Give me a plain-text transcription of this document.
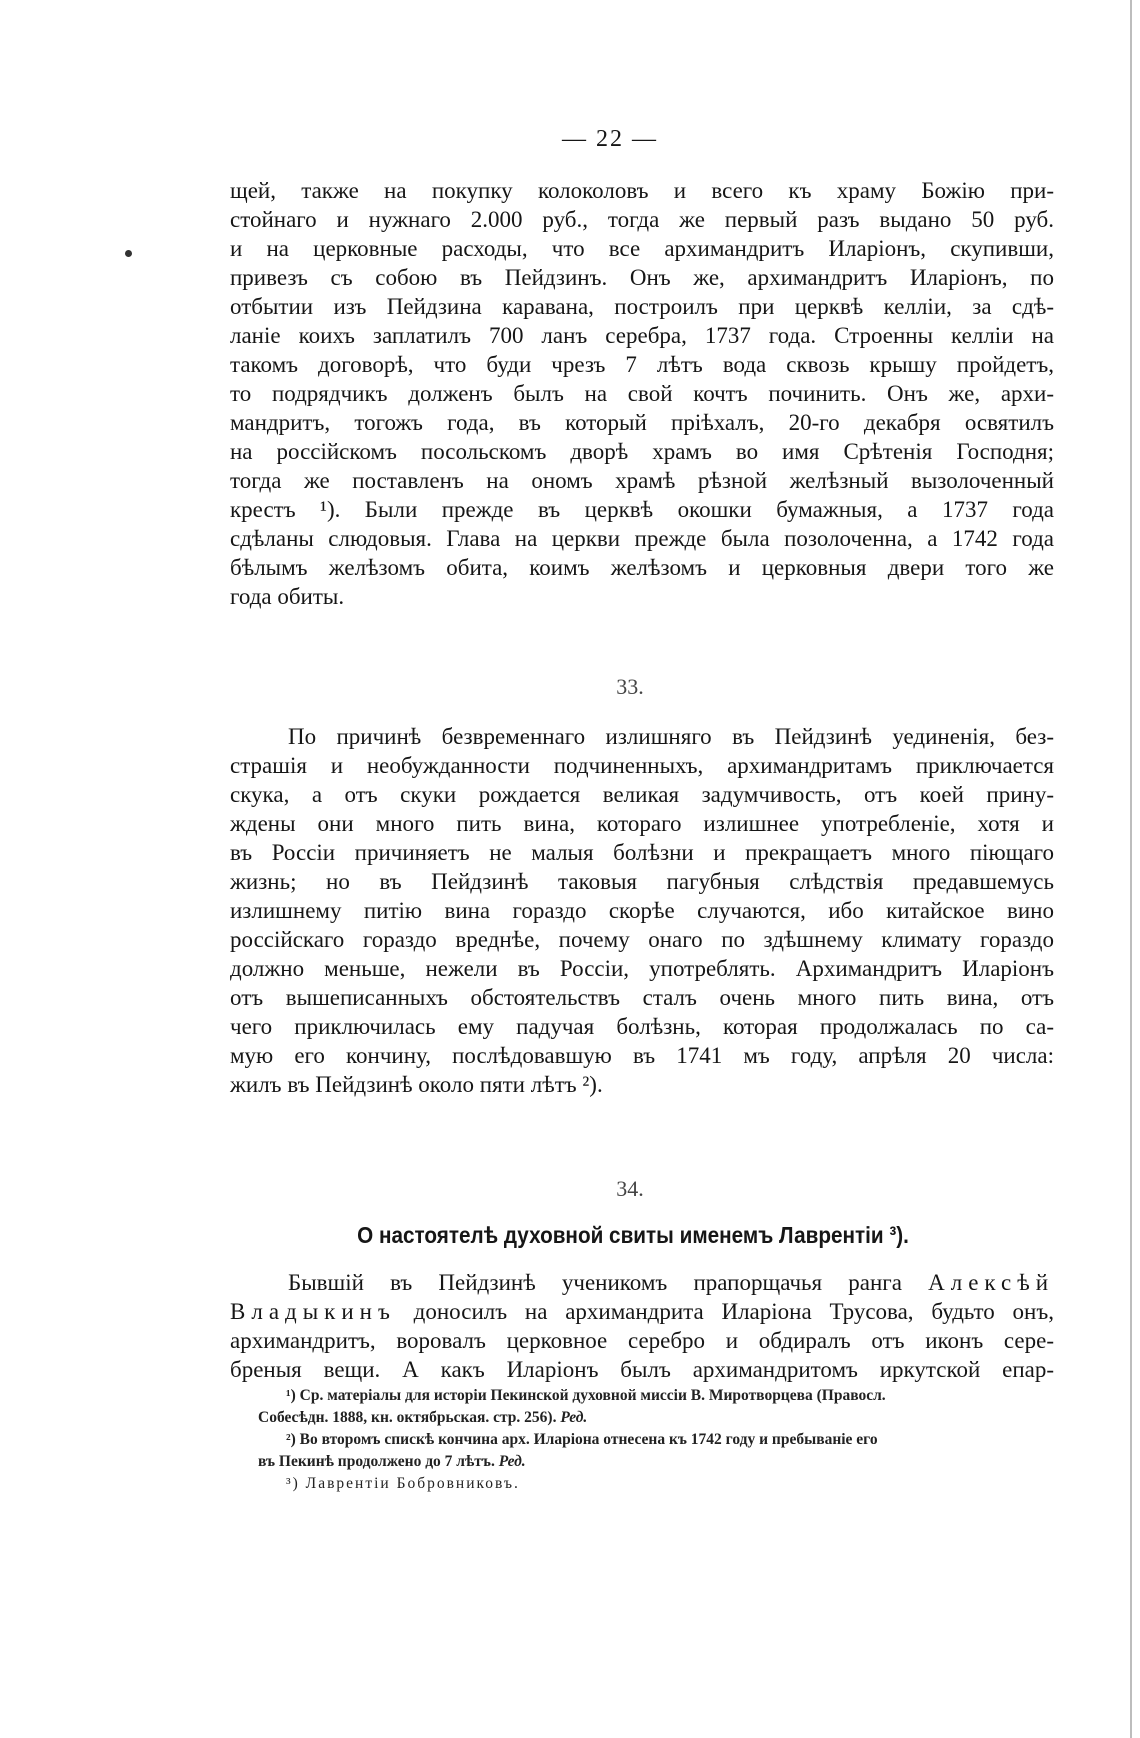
— 22 —
щей, также на покупку колоколовъ и всего къ храму Божію при-
стойнаго и нужнаго 2.000 руб., тогда же первый разъ выдано 50 руб.
и на церковные расходы, что все архимандритъ Иларіонъ, скупивши,
привезъ съ собою въ Пейдзинъ. Онъ же, архимандритъ Иларіонъ, по
отбытии изъ Пейдзина каравана, построилъ при церквѣ келліи, за сдѣ-
ланіе коихъ заплатилъ 700 ланъ серебра, 1737 года. Строенны келліи на
такомъ договорѣ, что буди чрезъ 7 лѣтъ вода сквозь крышу пройдетъ,
то подрядчикъ долженъ былъ на свой кочтъ починить. Онъ же, архи-
мандритъ, тогожъ года, въ который пріѣхалъ, 20-го декабря освятилъ
на россійскомъ посольскомъ дворѣ храмъ во имя Срѣтенія Господня;
тогда же поставленъ на ономъ храмѣ рѣзной желѣзный вызолоченный
крестъ ¹). Были прежде въ церквѣ окошки бумажныя, а 1737 года
сдѣланы слюдовыя. Глава на церкви прежде была позолоченна, а 1742 года
бѣлымъ желѣзомъ обита, коимъ желѣзомъ и церковныя двери того же
года обиты.
33.
По причинѣ безвременнаго излишняго въ Пейдзинѣ уединенія, без-
страшія и необужданности подчиненныхъ, архимандритамъ приключается
скука, а отъ скуки рождается великая задумчивость, отъ коей прину-
ждены они много пить вина, котораго излишнее употребленіе, хотя и
въ Россіи причиняетъ не малыя болѣзни и прекращаетъ много піющаго
жизнь; но въ Пейдзинѣ таковыя пагубныя слѣдствія предавшемусь
излишнему питію вина гораздо скорѣе случаются, ибо китайское вино
россійскаго гораздо вреднѣе, почему онаго по здѣшнему климату гораздо
должно меньше, нежели въ Россіи, употреблять. Архимандритъ Иларіонъ
отъ вышеписанныхъ обстоятельствъ сталъ очень много пить вина, отъ
чего приключилась ему падучая болѣзнь, которая продолжалась по са-
мую его кончину, послѣдовавшую въ 1741 мъ году, апрѣля 20 числа:
жилъ въ Пейдзинѣ около пяти лѣтъ ²).
34.
О настоятелѣ духовной свиты именемъ Лаврентіи ³).
Бывшій въ Пейдзинѣ ученикомъ прапорщачья ранга Алексѣй
Владыкинъ доносилъ на архимандрита Иларіона Трусова, будьто онъ,
архимандритъ, воровалъ церковное серебро и обдиралъ отъ иконъ сере-
бреныя вещи. А какъ Иларіонъ былъ архимандритомъ иркутской епар-
¹) Ср. матеріалы для исторіи Пекинской духовной миссіи В. Миротворцева (Правосл.
Собесѣдн. 1888, кн. октябрьская. стр. 256). Ред.
²) Во второмъ спискѣ кончина арх. Иларіона отнесена къ 1742 году и пребываніе его
въ Пекинѣ продолжено до 7 лѣтъ. Ред.
³) Лаврентіи Бобровниковъ.
